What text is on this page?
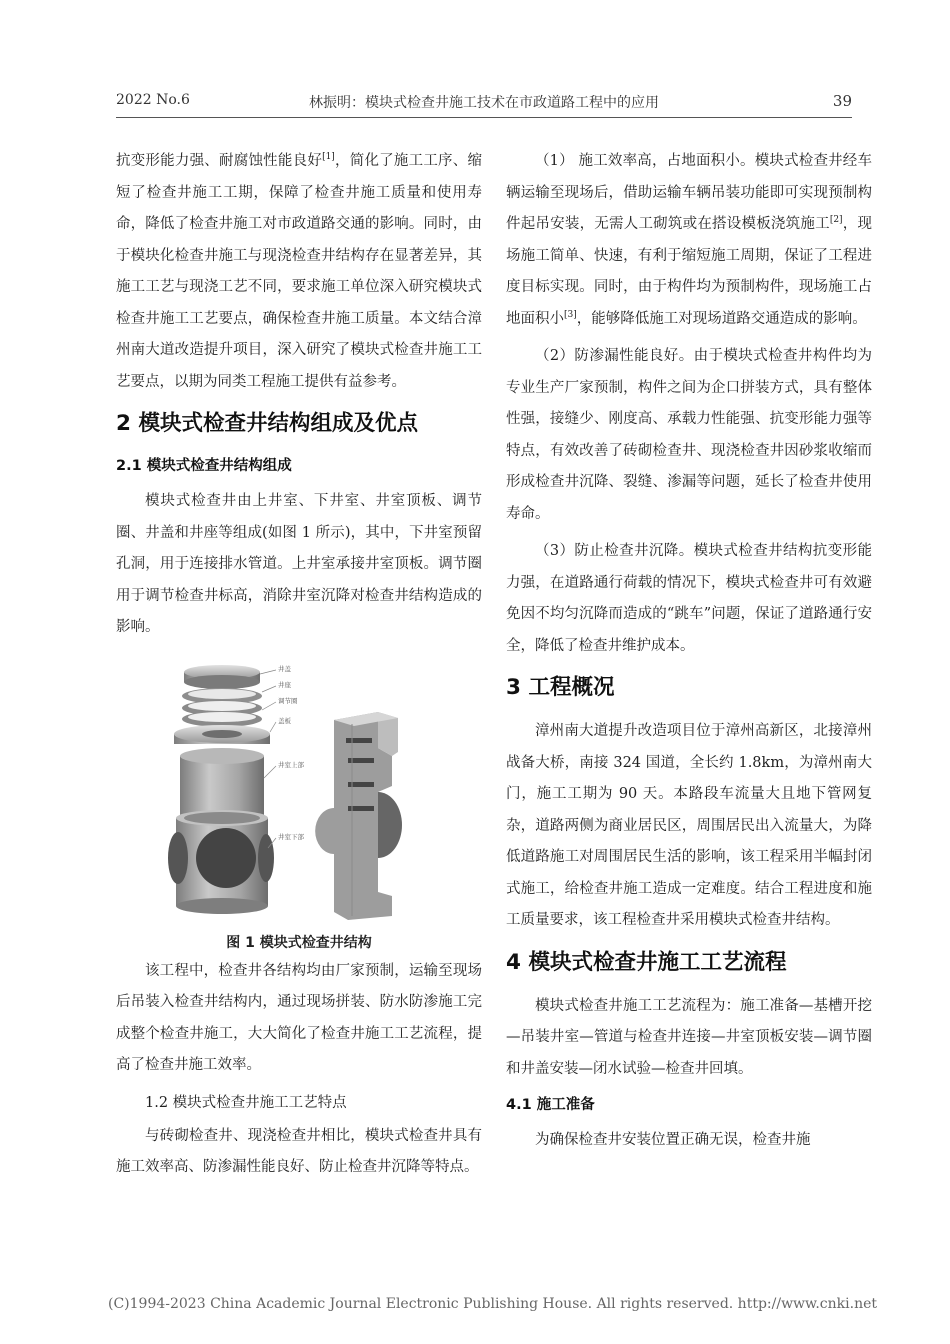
2022 No.6	林振明：模块式检查井施工技术在市政道路工程中的应用	39

抗变形能力强、耐腐蚀性能良好[1]，简化了施工工序、缩短了检查井施工工期，保障了检查井施工质量和使用寿命，降低了检查井施工对市政道路交通的影响。同时，由于模块化检查井施工与现浇检查井结构存在显著差异，其施工工艺与现浇工艺不同，要求施工单位深入研究模块式检查井施工工艺要点，确保检查井施工质量。本文结合漳州南大道改造提升项目，深入研究了模块式检查井施工工艺要点，以期为同类工程施工提供有益参考。

2 模块式检查井结构组成及优点
2.1 模块式检查井结构组成

模块式检查井由上井室、下井室、井室顶板、调节圈、井盖和井座等组成(如图 1 所示)，其中，下井室预留孔洞，用于连接排水管道。上井室承接井室顶板。调节圈用于调节检查井标高，消除井室沉降对检查井结构造成的影响。

井盖
井座
调节圈
盖板
井室上部
井室下部

图 1 模块式检查井结构

该工程中，检查井各结构均由厂家预制，运输至现场后吊装入检查井结构内，通过现场拼装、防水防渗施工完成整个检查井施工，大大简化了检查井施工工艺流程，提高了检查井施工效率。

1.2 模块式检查井施工工艺特点

与砖砌检查井、现浇检查井相比，模块式检查井具有施工效率高、防渗漏性能良好、防止检查井沉降等特点。

（1） 施工效率高，占地面积小。模块式检查井经车辆运输至现场后，借助运输车辆吊装功能即可实现预制构件起吊安装，无需人工砌筑或在搭设模板浇筑施工[2]，现场施工简单、快速，有利于缩短施工周期，保证了工程进度目标实现。同时，由于构件均为预制构件，现场施工占地面积小[3]，能够降低施工对现场道路交通造成的影响。

（2）防渗漏性能良好。由于模块式检查井构件均为专业生产厂家预制，构件之间为企口拼装方式，具有整体性强，接缝少、刚度高、承载力性能强、抗变形能力强等特点，有效改善了砖砌检查井、现浇检查井因砂浆收缩而形成检查井沉降、裂缝、渗漏等问题，延长了检查井使用寿命。

（3）防止检查井沉降。模块式检查井结构抗变形能力强，在道路通行荷载的情况下，模块式检查井可有效避免因不均匀沉降而造成的“跳车”问题，保证了道路通行安全，降低了检查井维护成本。

3 工程概况

漳州南大道提升改造项目位于漳州高新区，北接漳州战备大桥，南接 324 国道，全长约 1.8km，为漳州南大门，施工工期为 90 天。本路段车流量大且地下管网复杂，道路两侧为商业居民区，周围居民出入流量大，为降低道路施工对周围居民生活的影响，该工程采用半幅封闭式施工，给检查井施工造成一定难度。结合工程进度和施工质量要求，该工程检查井采用模块式检查井结构。

4 模块式检查井施工工艺流程

模块式检查井施工工艺流程为：施工准备—基槽开挖—吊装井室—管道与检查井连接—井室顶板安装—调节圈和井盖安装—闭水试验—检查井回填。

4.1 施工准备

为确保检查井安装位置正确无误，检查井施

(C)1994-2023 China Academic Journal Electronic Publishing House. All rights reserved. http://www.cnki.net
